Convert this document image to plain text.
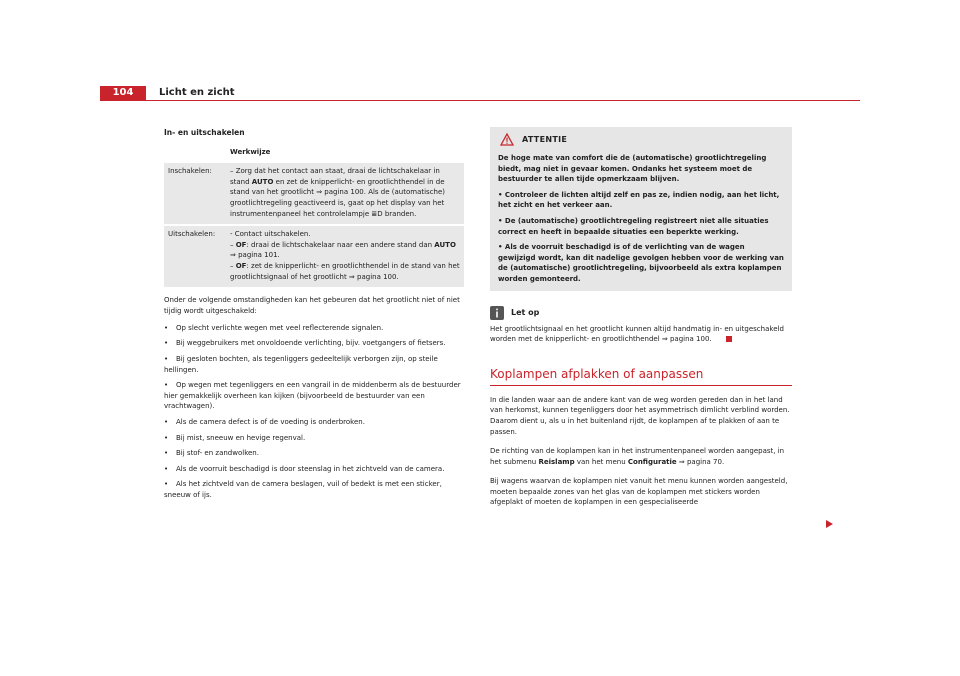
104	Licht en zicht
In- en uitschakelen
	Werkwijze
Inschakelen:	– Zorg dat het contact aan staat, draai de lichtschakelaar in stand AUTO en zet de knipperlicht- en grootlichthendel in de stand van het grootlicht ⇒ pagina 100. Als de (automatische) grootlichtregeling geactiveerd is, gaat op het display van het instrumentenpaneel het controlelampje ≣D branden.
Uitschakelen:	- Contact uitschakelen.
– OF: draai de lichtschakelaar naar een andere stand dan AUTO ⇒ pagina 101.
– OF: zet de knipperlicht- en grootlichthendel in de stand van het grootlichtsignaal of het grootlicht ⇒ pagina 100.

Onder de volgende omstandigheden kan het gebeuren dat het grootlicht niet of niet tijdig wordt uitgeschakeld:

• Op slecht verlichte wegen met veel reflecterende signalen.
• Bij weggebruikers met onvoldoende verlichting, bijv. voetgangers of fietsers.
• Bij gesloten bochten, als tegenliggers gedeeltelijk verborgen zijn, op steile hellingen.
• Op wegen met tegenliggers en een vangrail in de middenberm als de bestuurder hier gemakkelijk overheen kan kijken (bijvoorbeeld de bestuurder van een vrachtwagen).
• Als de camera defect is of de voeding is onderbroken.
• Bij mist, sneeuw en hevige regenval.
• Bij stof- en zandwolken.
• Als de voorruit beschadigd is door steenslag in het zichtveld van de camera.
• Als het zichtveld van de camera beslagen, vuil of bedekt is met een sticker, sneeuw of ijs.
ATTENTIE

De hoge mate van comfort die de (automatische) grootlichtregeling biedt, mag niet in gevaar komen. Ondanks het systeem moet de bestuurder te allen tijde opmerkzaam blijven.

• Controleer de lichten altijd zelf en pas ze, indien nodig, aan het licht, het zicht en het verkeer aan.

• De (automatische) grootlichtregeling registreert niet alle situaties correct en heeft in bepaalde situaties een beperkte werking.

• Als de voorruit beschadigd is of de verlichting van de wagen gewijzigd wordt, kan dit nadelige gevolgen hebben voor de werking van de (automatische) grootlichtregeling, bijvoorbeeld als extra koplampen worden gemonteerd.

Let op

Het grootlichtsignaal en het grootlicht kunnen altijd handmatig in- en uitgeschakeld worden met de knipperlicht- en grootlichthendel ⇒ pagina 100.

Koplampen afplakken of aanpassen

In die landen waar aan de andere kant van de weg worden gereden dan in het land van herkomst, kunnen tegenliggers door het asymmetrisch dimlicht verblind worden. Daarom dient u, als u in het buitenland rijdt, de koplampen af te plakken of aan te passen.

De richting van de koplampen kan in het instrumentenpaneel worden aangepast, in het submenu Reislamp van het menu Configuratie ⇒ pagina 70.

Bij wagens waarvan de koplampen niet vanuit het menu kunnen worden aangesteld, moeten bepaalde zones van het glas van de koplampen met stickers worden afgeplakt of moeten de koplampen in een gespecialiseerde
